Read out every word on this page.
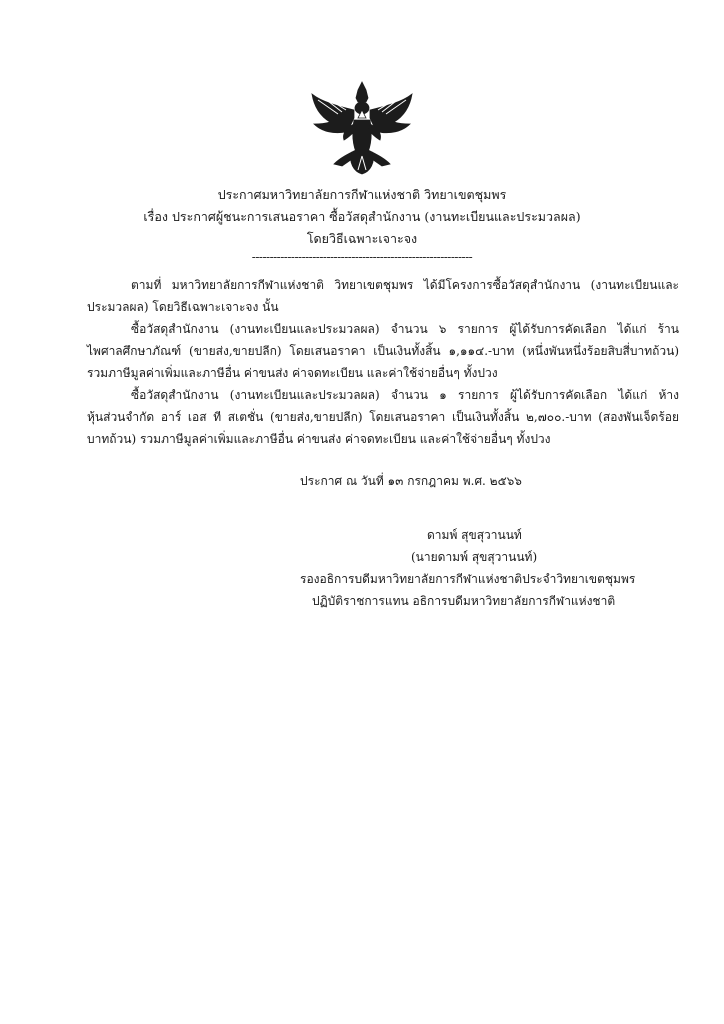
ประกาศมหาวิทยาลัยการกีฬาแห่งชาติ วิทยาเขตชุมพร
เรื่อง ประกาศผู้ชนะการเสนอราคา ซื้อวัสดุสำนักงาน (งานทะเบียนและประมวลผล)
โดยวิธีเฉพาะเจาะจง
--------------------------------------------------------------
ตามที่ มหาวิทยาลัยการกีฬาแห่งชาติ วิทยาเขตชุมพร ได้มีโครงการซื้อวัสดุสำนักงาน (งานทะเบียนและ
ประมวลผล) โดยวิธีเฉพาะเจาะจง นั้น
ซื้อวัสดุสำนักงาน (งานทะเบียนและประมวลผล) จำนวน ๖ รายการ ผู้ได้รับการคัดเลือก ได้แก่ ร้าน
ไพศาลศึกษาภัณฑ์ (ขายส่ง,ขายปลีก) โดยเสนอราคา เป็นเงินทั้งสิ้น ๑,๑๑๔.-บาท (หนึ่งพันหนึ่งร้อยสิบสี่บาทถ้วน)
รวมภาษีมูลค่าเพิ่มและภาษีอื่น ค่าขนส่ง ค่าจดทะเบียน และค่าใช้จ่ายอื่นๆ ทั้งปวง
ซื้อวัสดุสำนักงาน (งานทะเบียนและประมวลผล) จำนวน ๑ รายการ ผู้ได้รับการคัดเลือก ได้แก่ ห้าง
หุ้นส่วนจำกัด อาร์ เอส ที สเตชั่น (ขายส่ง,ขายปลีก) โดยเสนอราคา เป็นเงินทั้งสิ้น ๒,๗๐๐.-บาท (สองพันเจ็ดร้อย
บาทถ้วน) รวมภาษีมูลค่าเพิ่มและภาษีอื่น ค่าขนส่ง ค่าจดทะเบียน และค่าใช้จ่ายอื่นๆ ทั้งปวง
ประกาศ ณ วันที่ ๑๓ กรกฎาคม พ.ศ. ๒๕๖๖
ดามพ์ สุขสุวานนท์
(นายดามพ์ สุขสุวานนท์)
รองอธิการบดีมหาวิทยาลัยการกีฬาแห่งชาติประจำวิทยาเขตชุมพร
ปฏิบัติราชการแทน อธิการบดีมหาวิทยาลัยการกีฬาแห่งชาติ
